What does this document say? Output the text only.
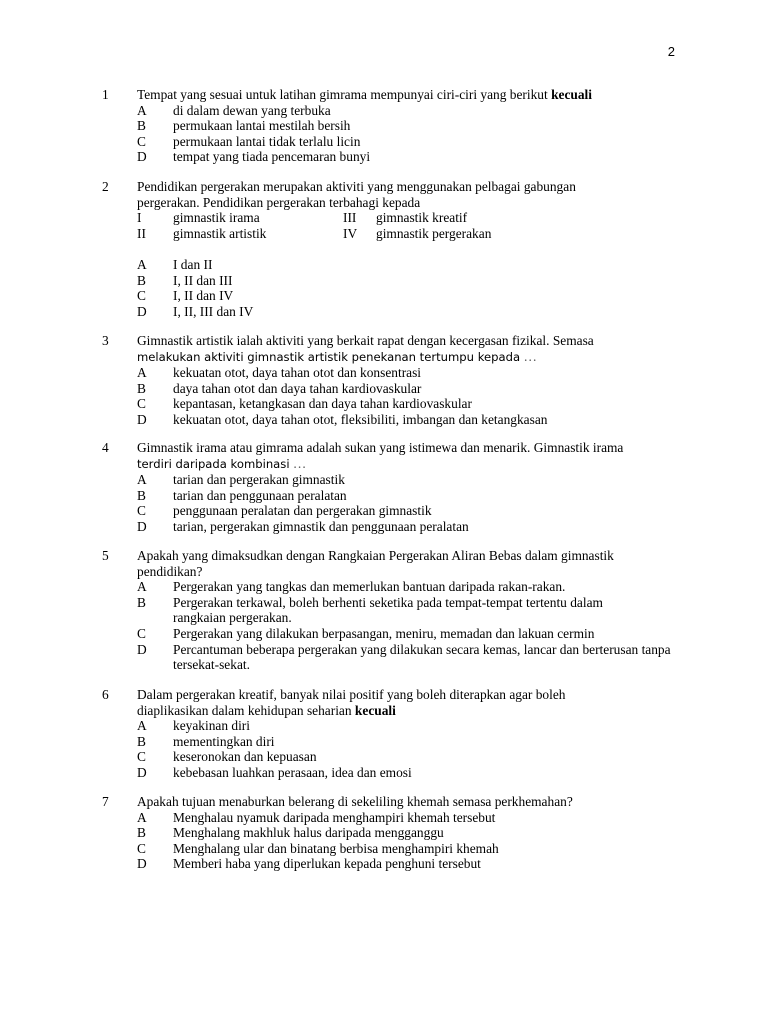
2
1 Tempat yang sesuai untuk latihan gimrama mempunyai ciri-ciri yang berikut kecuali
A	di dalam dewan yang terbuka
B	permukaan lantai mestilah bersih
C	permukaan lantai tidak terlalu licin
D	tempat yang tiada pencemaran bunyi
2 Pendidikan pergerakan merupakan aktiviti yang menggunakan pelbagai gabungan
pergerakan. Pendidikan pergerakan terbahagi kepada
I	gimnastik irama	III	gimnastik kreatif
II	gimnastik artistik	IV	gimnastik pergerakan
A	I dan II
B	I, II dan III
C	I, II dan IV
D	I, II, III dan IV
3 Gimnastik artistik ialah aktiviti yang berkait rapat dengan kecergasan fizikal. Semasa
melakukan aktiviti gimnastik artistik penekanan tertumpu kepada …
A	kekuatan otot, daya tahan otot dan konsentrasi
B	daya tahan otot dan daya tahan kardiovaskular
C	kepantasan, ketangkasan dan daya tahan kardiovaskular
D	kekuatan otot, daya tahan otot, fleksibiliti, imbangan dan ketangkasan
4 Gimnastik irama atau gimrama adalah sukan yang istimewa dan menarik. Gimnastik irama
terdiri daripada kombinasi …
A	tarian dan pergerakan gimnastik
B	tarian dan penggunaan peralatan
C	penggunaan peralatan dan pergerakan gimnastik
D	tarian, pergerakan gimnastik dan penggunaan peralatan
5 Apakah yang dimaksudkan dengan Rangkaian Pergerakan Aliran Bebas dalam gimnastik
pendidikan?
A	Pergerakan yang tangkas dan memerlukan bantuan daripada rakan-rakan.
B	Pergerakan terkawal, boleh berhenti seketika pada tempat-tempat tertentu dalam rangkaian pergerakan.
C	Pergerakan yang dilakukan berpasangan, meniru, memadan dan lakuan cermin
D	Percantuman beberapa pergerakan yang dilakukan secara kemas, lancar dan berterusan tanpa tersekat-sekat.
6 Dalam pergerakan kreatif, banyak nilai positif yang boleh diterapkan agar boleh
diaplikasikan dalam kehidupan seharian kecuali
A	keyakinan diri
B	mementingkan diri
C	keseronokan dan kepuasan
D	kebebasan luahkan perasaan, idea dan emosi
7 Apakah tujuan menaburkan belerang di sekeliling khemah semasa perkhemahan?
A	Menghalau nyamuk daripada menghampiri khemah tersebut
B	Menghalang makhluk halus daripada mengganggu
C	Menghalang ular dan binatang berbisa menghampiri khemah
D	Memberi haba yang diperlukan kepada penghuni tersebut
